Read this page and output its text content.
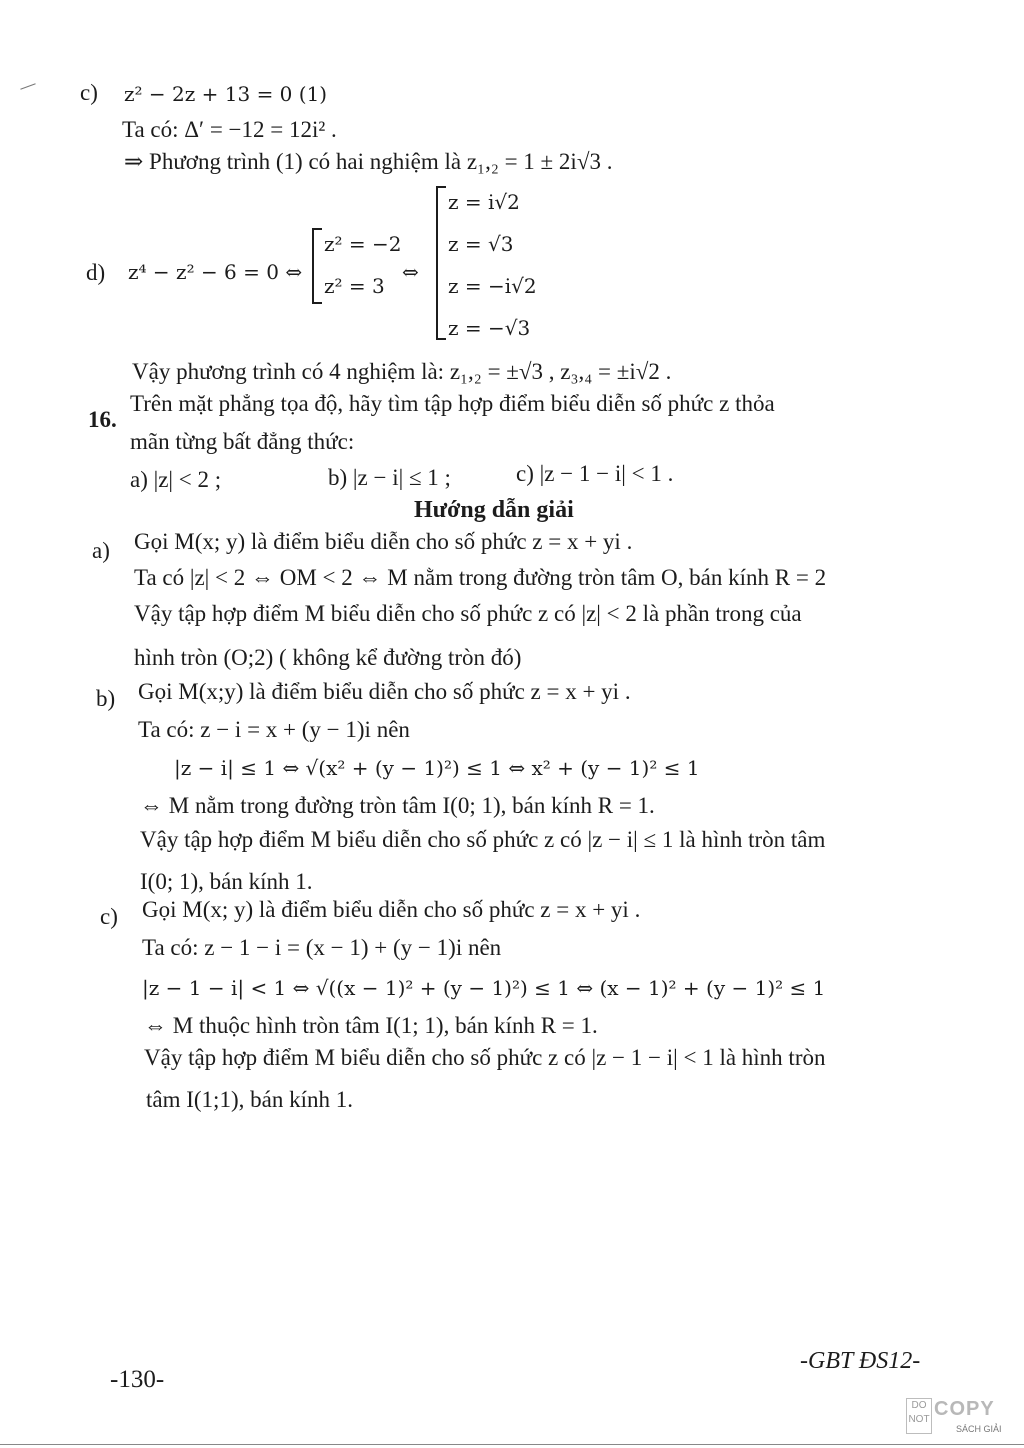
c) z² − 2z + 13 = 0 (1)
Ta có: Δ′ = −12 = 12i² .
⇒ Phương trình (1) có hai nghiệm là z₁,₂ = 1 ± 2i√3 .
d) z⁴ − z² − 6 = 0 ⇔
z² = −2
z² = 3
⇔
z = i√2
z = √3
z = −i√2
z = −√3
Vậy phương trình có 4 nghiệm là: z₁,₂ = ±√3 , z₃,₄ = ±i√2 .
16.
Trên mặt phẳng tọa độ, hãy tìm tập hợp điểm biểu diễn số phức z thỏa
mãn từng bất đẳng thức:
a) |z| < 2 ;	b) |z − i| ≤ 1 ;	c) |z − 1 − i| < 1 .
Hướng dẫn giải
a) Gọi M(x; y) là điểm biểu diễn cho số phức z = x + yi .
Ta có |z| < 2 ⇔ OM < 2 ⇔ M nằm trong đường tròn tâm O, bán kính R = 2
Vậy tập hợp điểm M biểu diễn cho số phức z có |z| < 2 là phần trong của
hình tròn (O;2) ( không kể đường tròn đó)
b) Gọi M(x;y) là điểm biểu diễn cho số phức z = x + yi .
Ta có: z − i = x + (y − 1)i nên
|z − i| ≤ 1 ⇔ √(x² + (y − 1)²) ≤ 1 ⇔ x² + (y − 1)² ≤ 1
⇔ M nằm trong đường tròn tâm I(0; 1), bán kính R = 1.
Vậy tập hợp điểm M biểu diễn cho số phức z có |z − i| ≤ 1 là hình tròn tâm
I(0; 1), bán kính 1.
c) Gọi M(x; y) là điểm biểu diễn cho số phức z = x + yi .
Ta có: z − 1 − i = (x − 1) + (y − 1)i nên
|z − 1 − i| < 1 ⇔ √((x − 1)² + (y − 1)²) ≤ 1 ⇔ (x − 1)² + (y − 1)² ≤ 1
⇔ M thuộc hình tròn tâm I(1; 1), bán kính R = 1.
Vậy tập hợp điểm M biểu diễn cho số phức z có |z − 1 − i| < 1 là hình tròn
tâm I(1;1), bán kính 1.
-130-
-GBT ĐS12-
DO
NOT COPY
SÁCH GIẢI
